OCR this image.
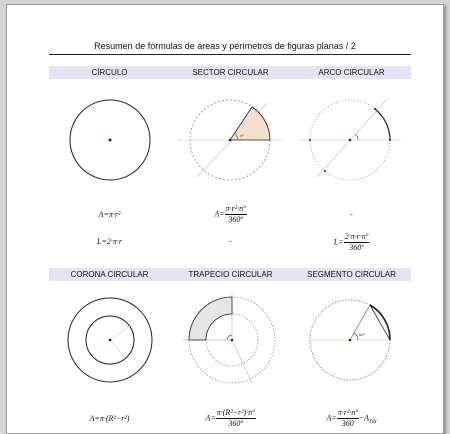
Resumen de fórmulas de áreas y perímetros de figuras planas / 2
CÍRCULO	SECTOR CIRCULAR	ARCO CIRCULAR
r
nº
A=π·r²	$A= \frac{\text{π·r²·nº}}{\text{360º}}$	-
L=2·π·r	-	$L= \frac{\text{2·π·r·nº}}{\text{360º}}$
CORONA CIRCULAR	TRAPECIO CIRCULAR	SEGMENTO CIRCULAR
60º
A=π·(R²−r²)	$A= \frac{\text{π·(R²−r²)·nº}}{\text{360º}}$	$A= \frac{\text{π·r²·nº}}{360} -A_{TRI}$
